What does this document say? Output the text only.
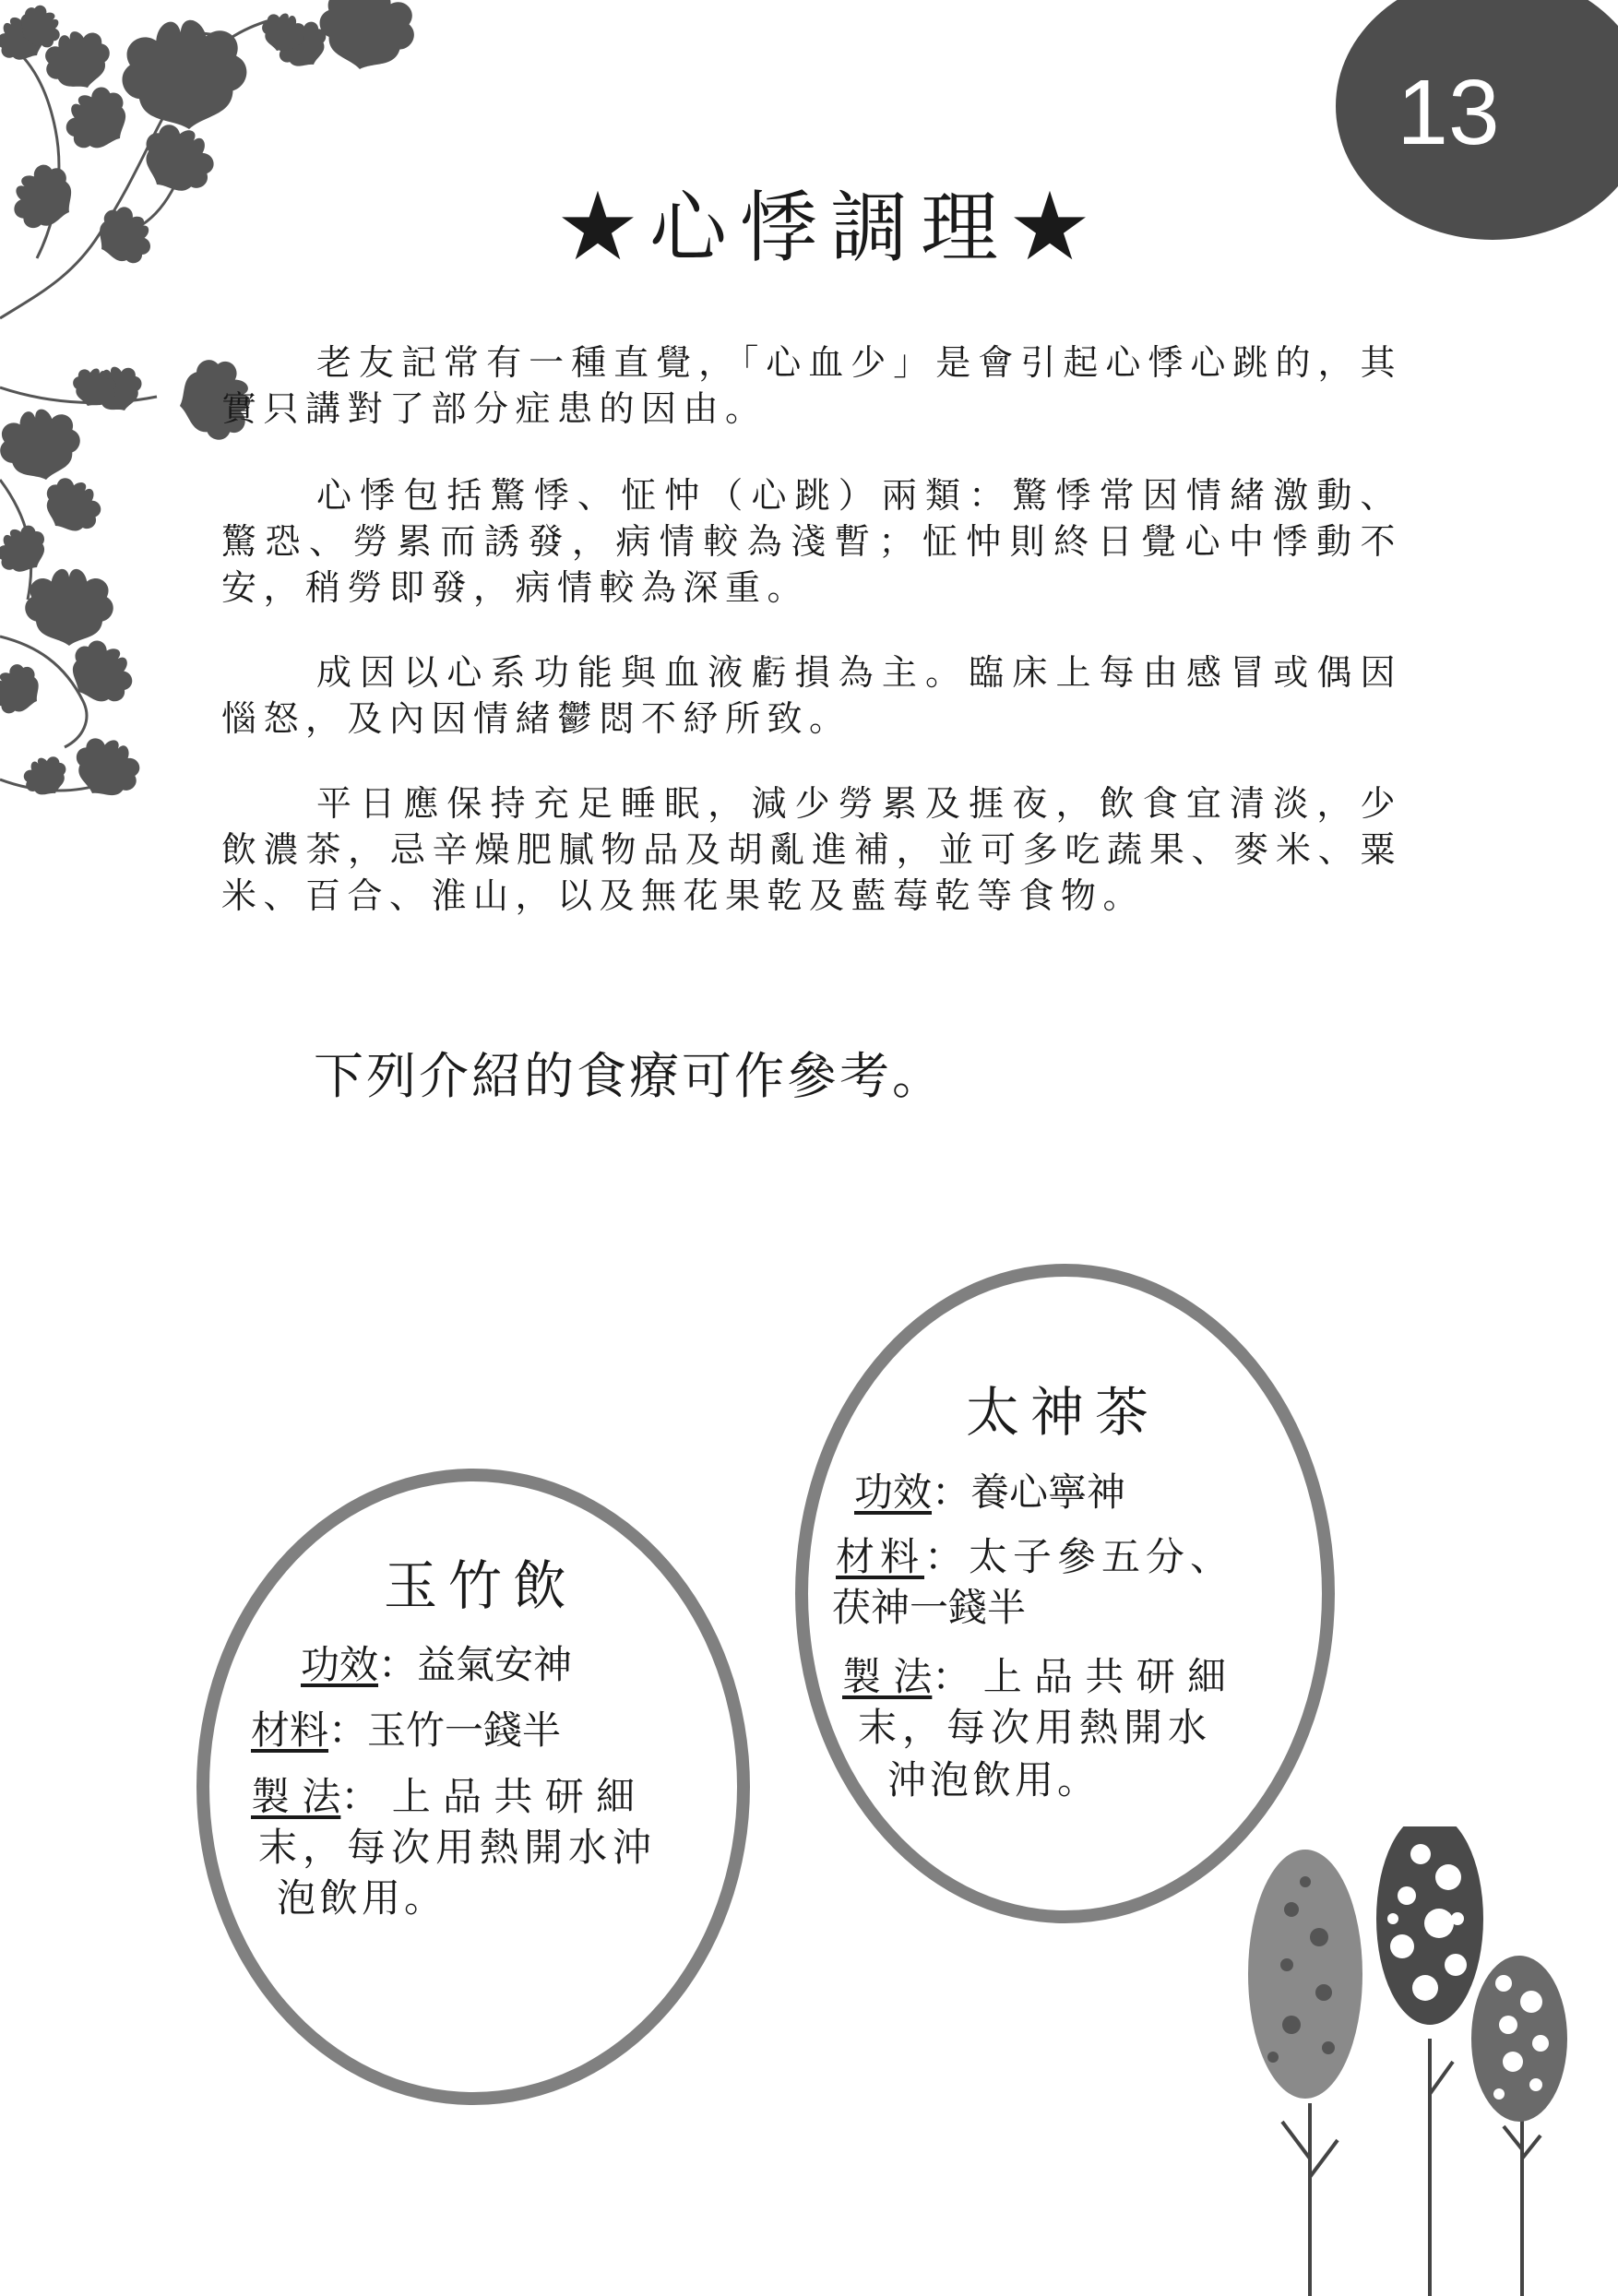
13
★心悸調理★

老友記常有一種直覺，「心血少」是會引起心悸心跳的，其實只講對了部分症患的因由。

心悸包括驚悸、怔忡（心跳）兩類：驚悸常因情緒激動、驚恐、勞累而誘發，病情較為淺暫；怔忡則終日覺心中悸動不安，稍勞即發，病情較為深重。

成因以心系功能與血液虧損為主。臨床上每由感冒或偶因惱怒，及內因情緒鬱悶不紓所致。

平日應保持充足睡眠，減少勞累及捱夜，飲食宜清淡，少飲濃茶，忌辛燥肥膩物品及胡亂進補，並可多吃蔬果、麥米、粟米、百合、淮山，以及無花果乾及藍莓乾等食物。

下列介紹的食療可作參考。

玉竹飲
功效：益氣安神
材料：玉竹一錢半
製 法： 上 品 共 研 細
末，每次用熱開水沖
泡飲用。
太神茶
功效：養心寧神
材料：太子參五分、
茯神一錢半
製 法： 上 品 共 研 細
末，每次用熱開水
沖泡飲用。
